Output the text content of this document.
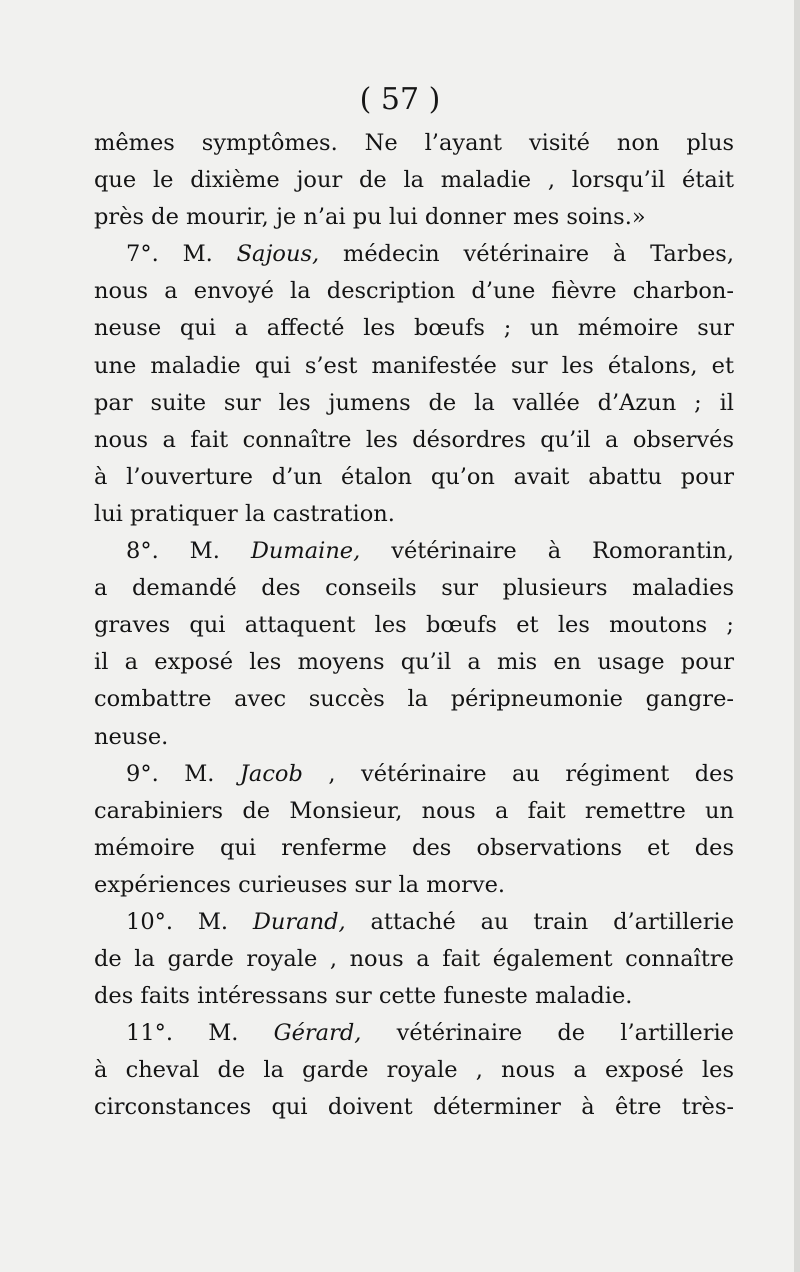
( 57 )
mêmes symptômes. Ne l’ayant visité non plus
que le dixième jour de la maladie , lorsqu’il était
près de mourir, je n’ai pu lui donner mes soins.»
7°. M. Sajous, médecin vétérinaire à Tarbes,
nous a envoyé la description d’une fièvre charbon-
neuse qui a affecté les bœufs ; un mémoire sur
une maladie qui s’est manifestée sur les étalons, et
par suite sur les jumens de la vallée d’Azun ; il
nous a fait connaître les désordres qu’il a observés
à l’ouverture d’un étalon qu’on avait abattu pour
lui pratiquer la castration.
8°. M. Dumaine, vétérinaire à Romorantin,
a demandé des conseils sur plusieurs maladies
graves qui attaquent les bœufs et les moutons ;
il a exposé les moyens qu’il a mis en usage pour
combattre avec succès la péripneumonie gangre-
neuse.
9°. M. Jacob , vétérinaire au régiment des
carabiniers de Monsieur, nous a fait remettre un
mémoire qui renferme des observations et des
expériences curieuses sur la morve.
10°. M. Durand, attaché au train d’artillerie
de la garde royale , nous a fait également connaître
des faits intéressans sur cette funeste maladie.
11°. M. Gérard, vétérinaire de l’artillerie
à cheval de la garde royale , nous a exposé les
circonstances qui doivent déterminer à être très-
